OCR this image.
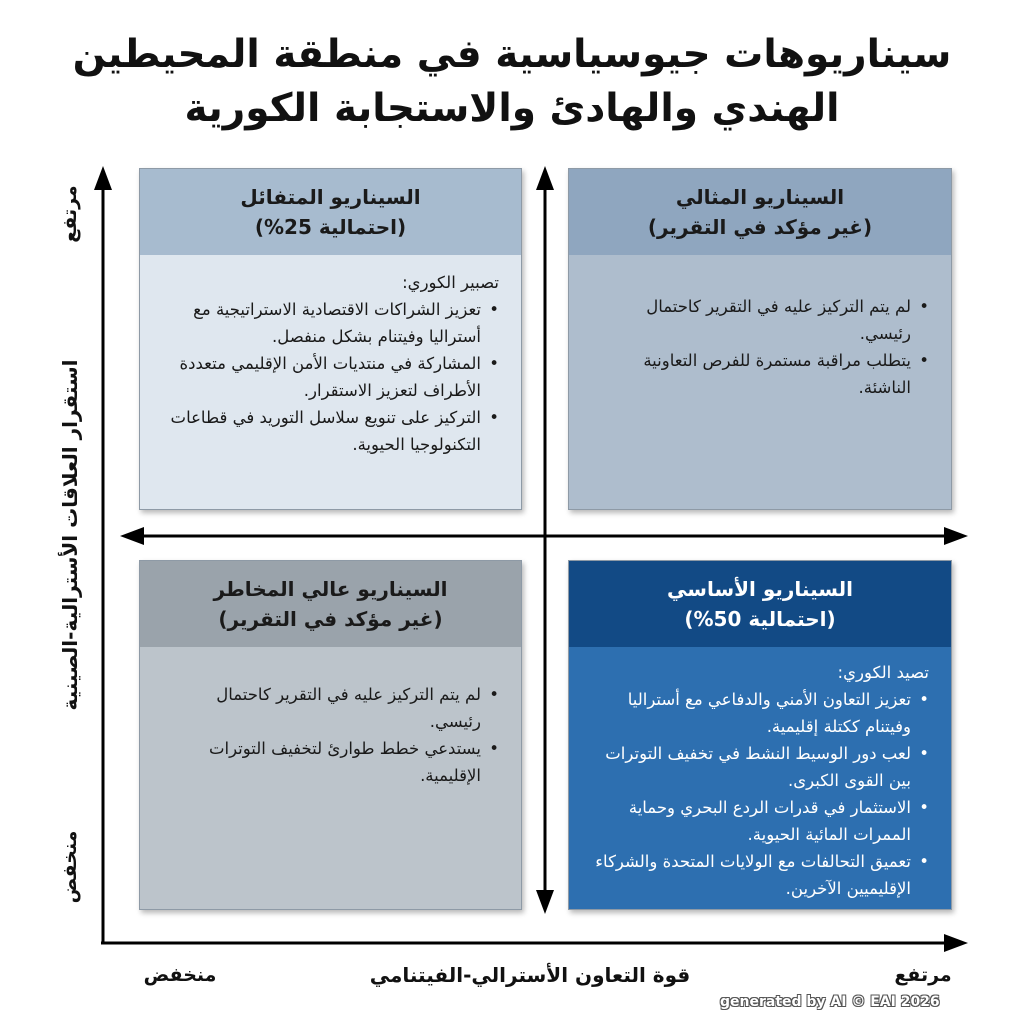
سيناريوهات جيوسياسية في منطقة المحيطين
الهندي والهادئ والاستجابة الكورية
السيناريو المتفائل
(احتمالية 25%)
تصبير الكوري:
• تعزيز الشراكات الاقتصادية الاستراتيجية مع أستراليا وفيتنام بشكل منفصل.
• المشاركة في منتديات الأمن الإقليمي متعددة الأطراف لتعزيز الاستقرار.
• التركيز على تنويع سلاسل التوريد في قطاعات التكنولوجيا الحيوية.
السيناريو المثالي
(غير مؤكد في التقرير)
• لم يتم التركيز عليه في التقرير كاحتمال رئيسي.
• يتطلب مراقبة مستمرة للفرص التعاونية الناشئة.
السيناريو عالي المخاطر
(غير مؤكد في التقرير)
• لم يتم التركيز عليه في التقرير كاحتمال رئيسي.
• يستدعي خطط طوارئ لتخفيف التوترات الإقليمية.
السيناريو الأساسي
(احتمالية 50%)
تصيد الكوري:
• تعزيز التعاون الأمني والدفاعي مع أستراليا وفيتنام ككتلة إقليمية.
• لعب دور الوسيط النشط في تخفيف التوترات بين القوى الكبرى.
• الاستثمار في قدرات الردع البحري وحماية الممرات المائية الحيوية.
• تعميق التحالفات مع الولايات المتحدة والشركاء الإقليميين الآخرين.
استقرار العلاقات الأسترالية-الصينية
مرتفع
منخفض
منخفض	قوة التعاون الأسترالي-الفيتنامي	مرتفع
generated by AI © EAI 2026
